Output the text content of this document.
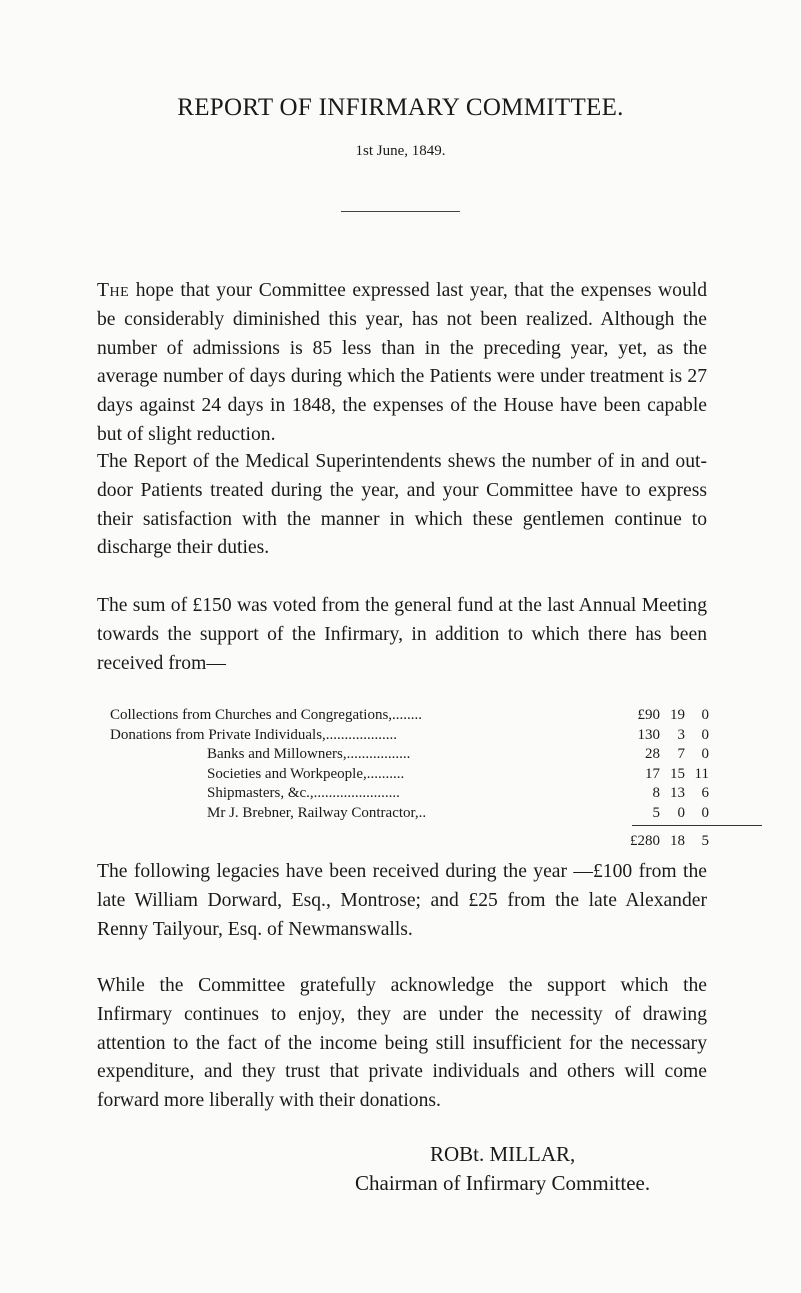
REPORT OF INFIRMARY COMMITTEE.
1st June, 1849.

The hope that your Committee expressed last year, that the expenses would be considerably diminished this year, has not been realized. Although the number of admissions is 85 less than in the preceding year, yet, as the average number of days during which the Patients were under treatment is 27 days against 24 days in 1848, the expenses of the House have been capable but of slight reduction.

The Report of the Medical Superintendents shews the number of in and out-door Patients treated during the year, and your Committee have to express their satisfaction with the manner in which these gentlemen continue to discharge their duties.

The sum of £150 was voted from the general fund at the last Annual Meeting towards the support of the Infirmary, in addition to which there has been received from—

Collections from Churches and Congregations,........	£90 19	0
Donations from Private Individuals,...................	130	3	0
Banks and Millowners,.................	28	7	0
Societies and Workpeople,..........	17 15 11
Shipmasters, &c.,.......................	8 13	6
Mr J. Brebner, Railway Contractor,..	5	0	0
£280 18	5

The following legacies have been received during the year —£100 from the late William Dorward, Esq., Montrose; and £25 from the late Alexander Renny Tailyour, Esq. of Newmanswalls.

While the Committee gratefully acknowledge the support which the Infirmary continues to enjoy, they are under the necessity of drawing attention to the fact of the income being still insufficient for the necessary expenditure, and they trust that private individuals and others will come forward more liberally with their donations.

ROBt. MILLAR,
Chairman of Infirmary Committee.
